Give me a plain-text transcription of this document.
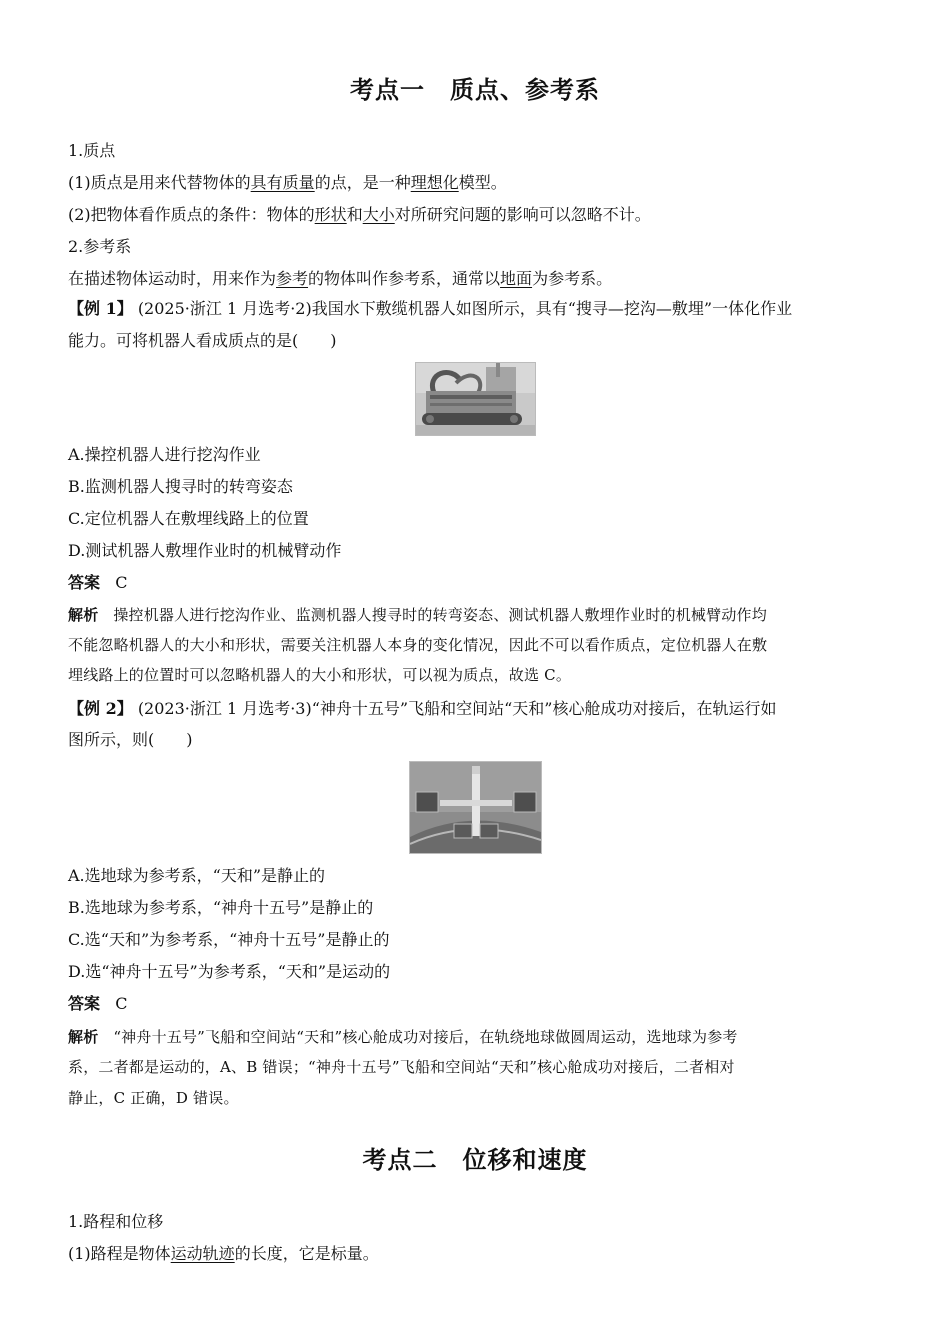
考点一　质点、参考系
1.质点
(1)质点是用来代替物体的具有质量的点，是一种理想化模型。
(2)把物体看作质点的条件：物体的形状和大小对所研究问题的影响可以忽略不计。
2.参考系
在描述物体运动时，用来作为参考的物体叫作参考系，通常以地面为参考系。
【例 1】 (2025·浙江 1 月选考·2)我国水下敷缆机器人如图所示，具有“搜寻—挖沟—敷埋”一体化作业
能力。可将机器人看成质点的是(　　)
A.操控机器人进行挖沟作业
B.监测机器人搜寻时的转弯姿态
C.定位机器人在敷埋线路上的位置
D.测试机器人敷埋作业时的机械臂动作
答案 C
解析 操控机器人进行挖沟作业、监测机器人搜寻时的转弯姿态、测试机器人敷埋作业时的机械臂动作均
不能忽略机器人的大小和形状，需要关注机器人本身的变化情况，因此不可以看作质点，定位机器人在敷
埋线路上的位置时可以忽略机器人的大小和形状，可以视为质点，故选 C。
【例 2】 (2023·浙江 1 月选考·3)“神舟十五号”飞船和空间站“天和”核心舱成功对接后，在轨运行如
图所示，则(　　)
A.选地球为参考系，“天和”是静止的
B.选地球为参考系，“神舟十五号”是静止的
C.选“天和”为参考系，“神舟十五号”是静止的
D.选“神舟十五号”为参考系，“天和”是运动的
答案 C
解析 “神舟十五号”飞船和空间站“天和”核心舱成功对接后，在轨绕地球做圆周运动，选地球为参考
系，二者都是运动的，A、B 错误；“神舟十五号”飞船和空间站“天和”核心舱成功对接后，二者相对
静止，C 正确，D 错误。
考点二　位移和速度
1.路程和位移
(1)路程是物体运动轨迹的长度，它是标量。
